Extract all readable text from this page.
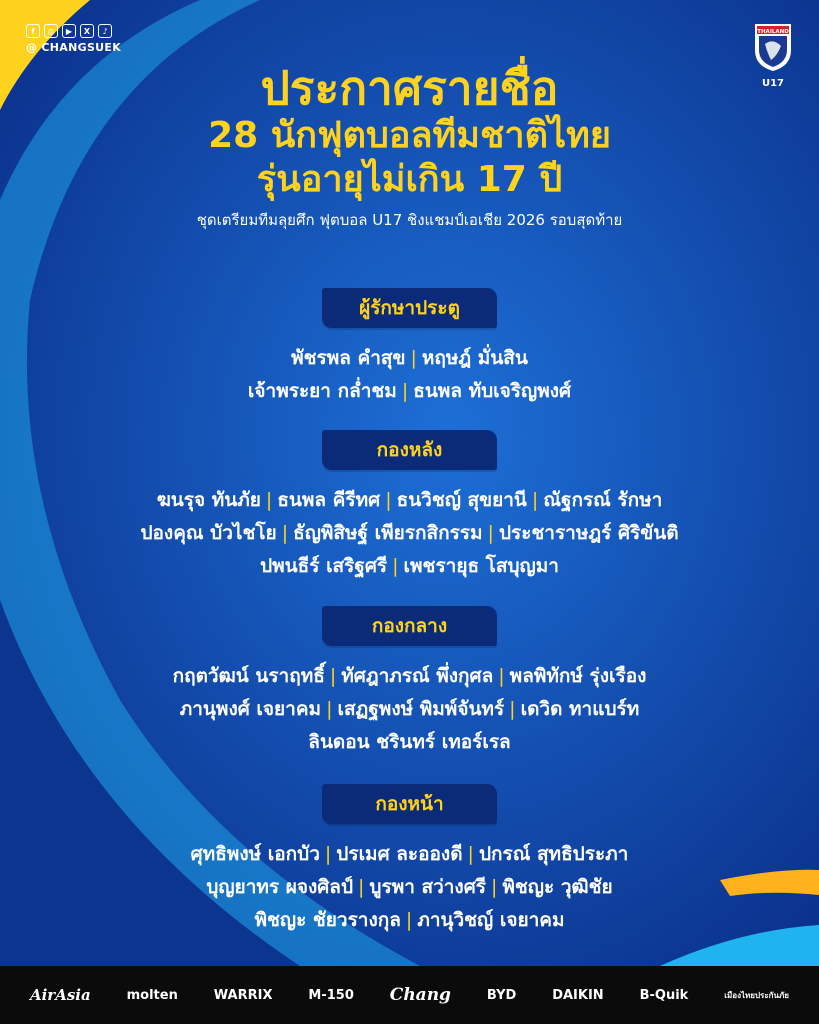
f	◎	▶	X	♪
@ CHANGSUEK
THAILAND
U17
ประกาศรายชื่อ
28 นักฟุตบอลทีมชาติไทย
รุ่นอายุไม่เกิน 17 ปี
ชุดเตรียมทีมลุยศึก ฟุตบอล U17 ชิงแชมป์เอเชีย 2026 รอบสุดท้าย
ผู้รักษาประตู
พัชรพล คำสุข | หฤษฎ์ มั่นสิน
เจ้าพระยา กล่ำชม | ธนพล ทับเจริญพงศ์
กองหลัง
ฆนรุจ ทันภัย | ธนพล คีรีทศ | ธนวิชญ์ สุขยานี | ณัฐกรณ์ รักษา
ปองคุณ บัวไชโย | ธัญพิสิษฐ์ เพียรกสิกรรม | ประชาราษฎร์ ศิริขันติ
ปพนธีร์ เสริฐศรี | เพชรายุธ โสบุญมา
กองกลาง
กฤตวัฒน์ นราฤทธิ์ | ทัศฎาภรณ์ พึ่งกุศล | พลพิทักษ์ รุ่งเรือง
ภานุพงศ์ เจยาคม | เสฏฐพงษ์ พิมพ์จันทร์ | เดวิด ทาแบร์ท
ลินดอน ชรินทร์ เทอร์เรล
กองหน้า
ศุทธิพงษ์ เอกบัว | ปรเมศ ละอองดี | ปกรณ์ สุทธิประภา
บุญยาทร ผจงศิลป์ | บูรพา สว่างศรี | พิชญะ วุฒิชัย
พิชญะ ชัยวรางกุล | ภานุวิชญ์ เจยาคม
AirAsia	molten	WARRIX	M-150 Chang	BYD	DAIKIN	B-Quik	เมืองไทยประกันภัย
